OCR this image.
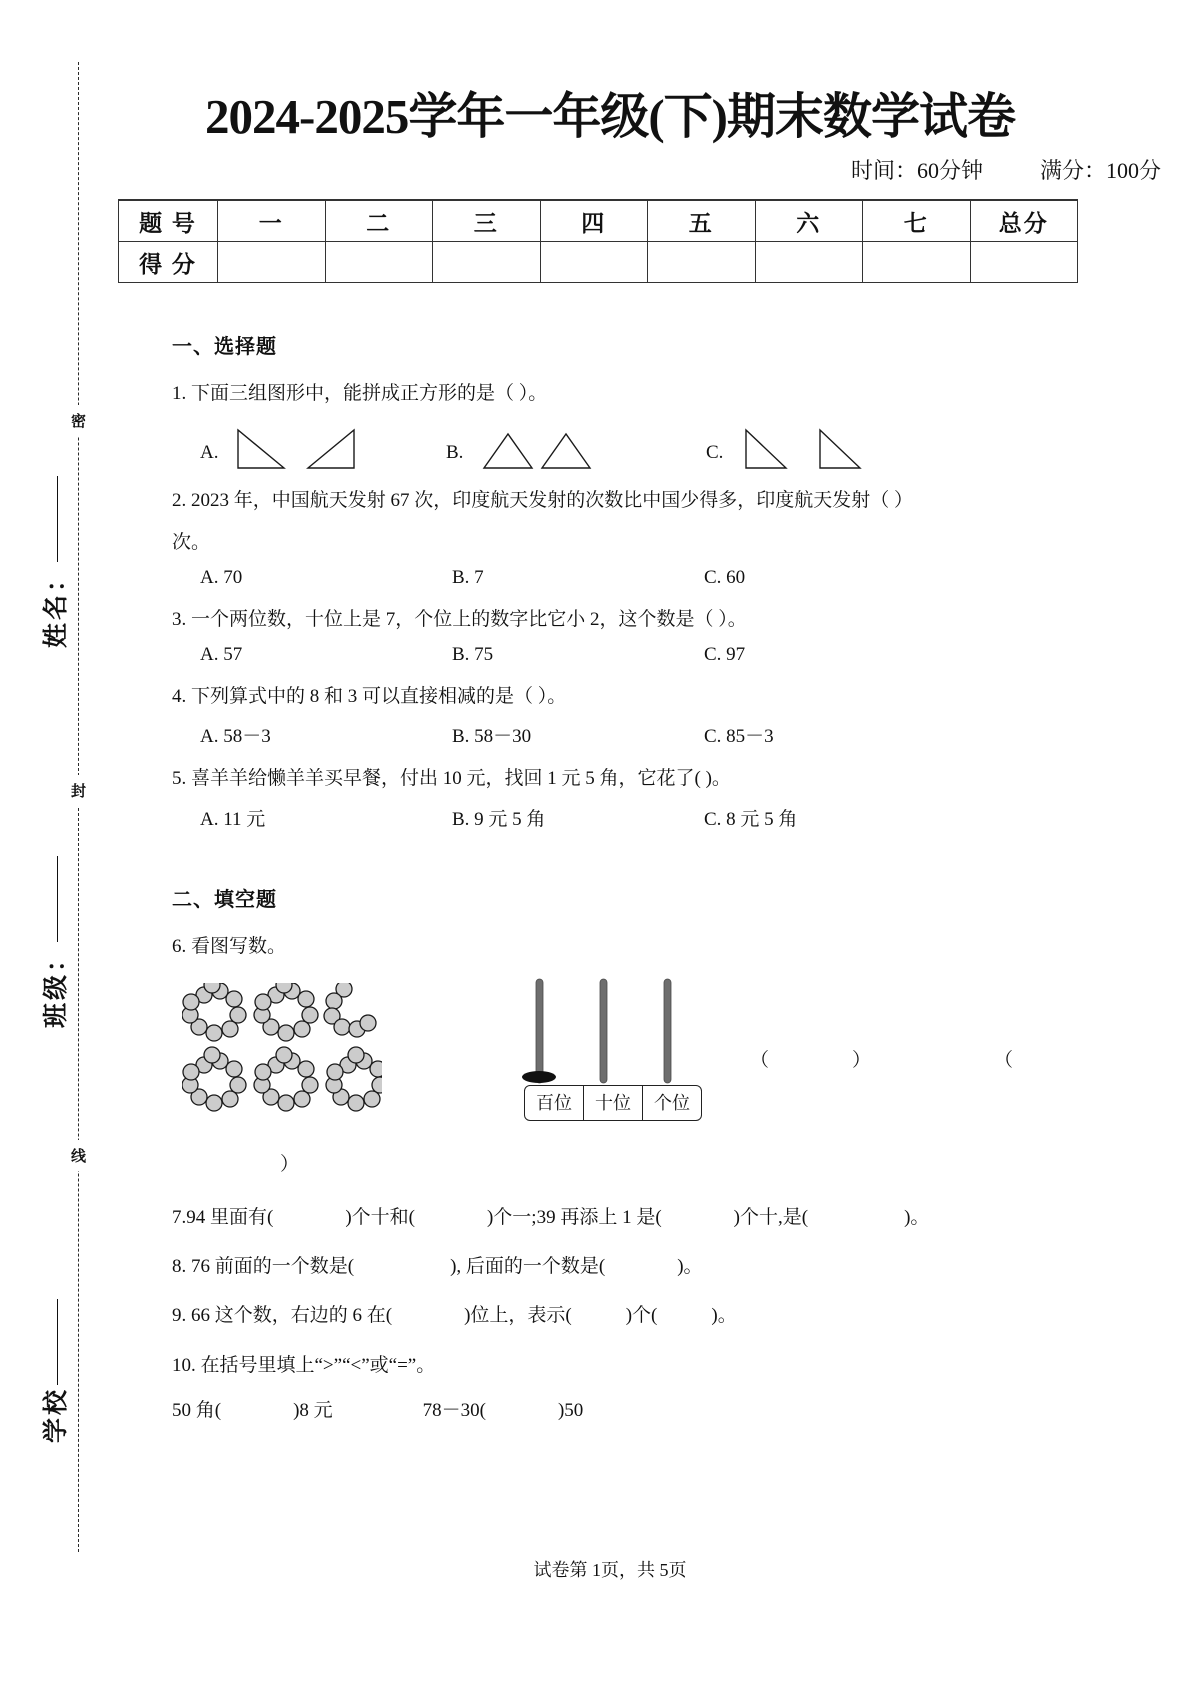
密
封
线
姓名：
班级：
学校
2024-2025学年一年级(下)期末数学试卷
时间：60分钟	满分：100分
题 号	一	二	三	四	五	六	七	总分
得 分								
一、选择题
1. 下面三组图形中，能拼成正方形的是（ ）。
A.	B.	C.
2. 2023 年，中国航天发射 67 次，印度航天发射的次数比中国少得多，印度航天发射（ ）
次。
A. 70	B. 7	C. 60
3. 一个两位数，十位上是 7，个位上的数字比它小 2，这个数是（ ）。
A. 57	B. 75	C. 97
4. 下列算式中的 8 和 3 可以直接相减的是（ ）。
A. 58－3	B. 58－30	C. 85－3
5. 喜羊羊给懒羊羊买早餐，付出 10 元，找回 1 元 5 角，它花了( )。
A. 11 元	B. 9 元 5 角	C. 8 元 5 角
二、填空题
6. 看图写数。
百位	十位	个位
（	）	（
）
7.94 里面有(	)个十和(	)个一;39 再添上 1 是(	)个十,是(	)。
8. 76 前面的一个数是(	), 后面的一个数是(	)。
9. 66 这个数，右边的 6 在(	)位上，表示(	)个(	)。
10. 在括号里填上“>”“<”或“=”。
50 角(	)8 元	78－30(	)50
试卷第 1页，共 5页
